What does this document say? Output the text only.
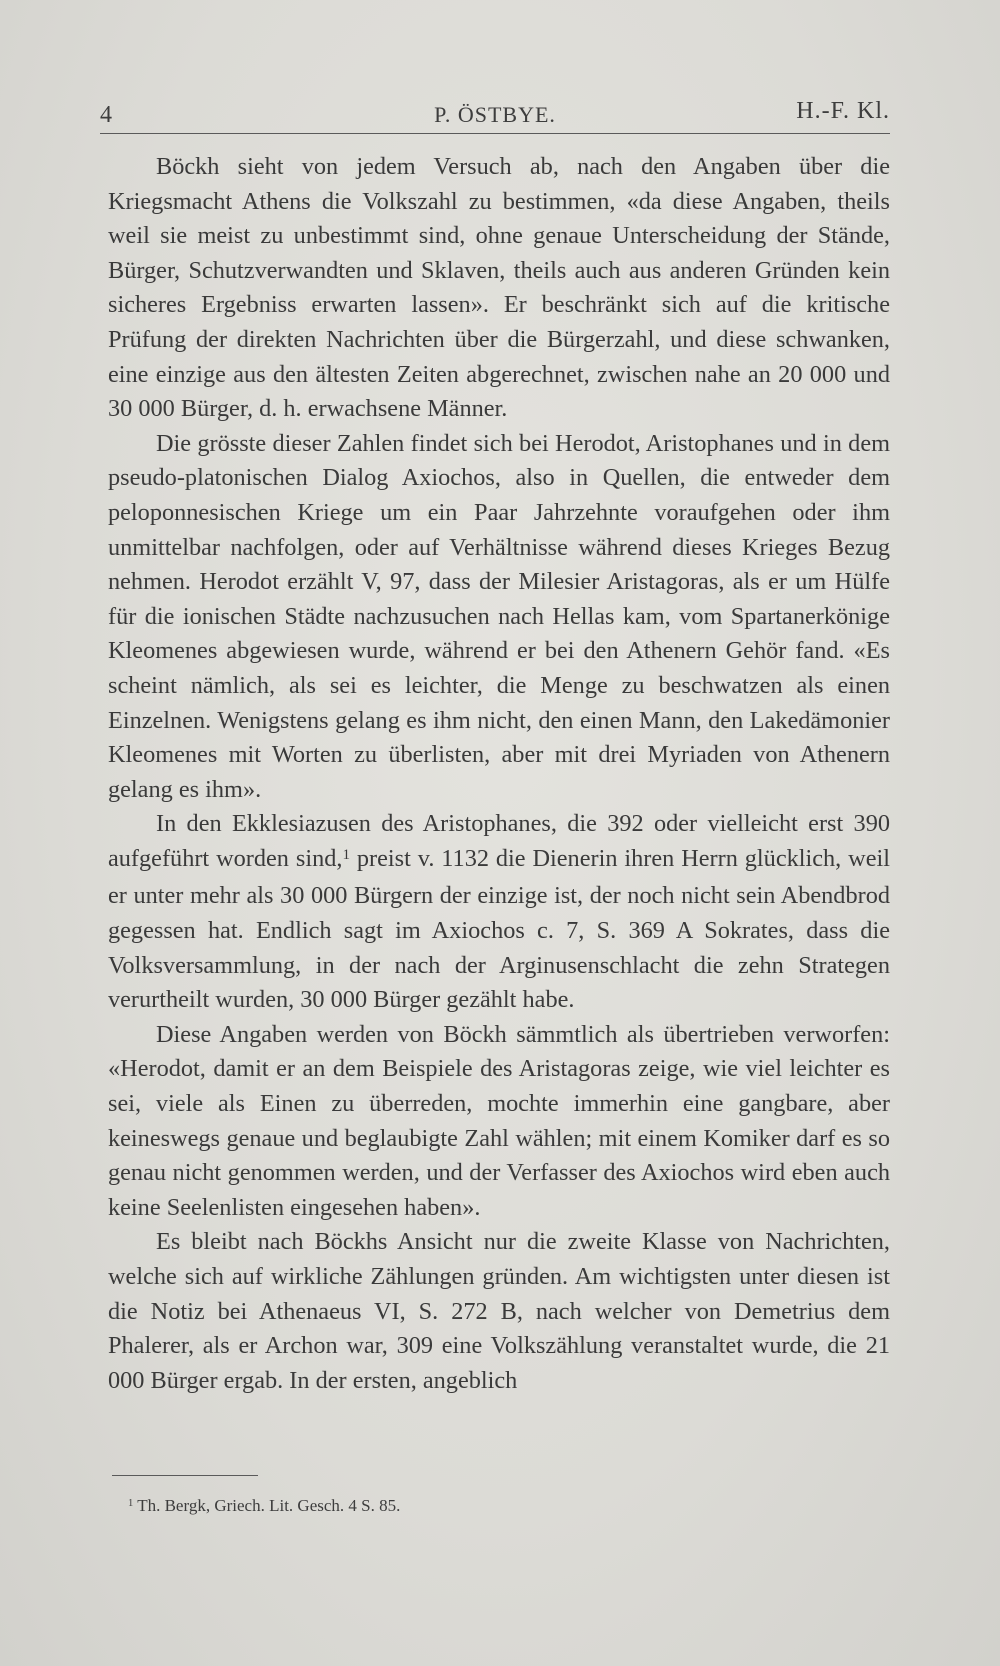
4	P. ÖSTBYE.	H.-F. Kl.

Böckh sieht von jedem Versuch ab, nach den Angaben über die Kriegsmacht Athens die Volkszahl zu bestimmen, «da diese Angaben, theils weil sie meist zu unbestimmt sind, ohne genaue Unterscheidung der Stände, Bürger, Schutzverwandten und Sklaven, theils auch aus anderen Gründen kein sicheres Ergebniss erwarten lassen». Er beschränkt sich auf die kritische Prüfung der direkten Nachrichten über die Bürgerzahl, und diese schwanken, eine einzige aus den ältesten Zeiten abgerechnet, zwischen nahe an 20 000 und 30 000 Bürger, d. h. erwachsene Männer.

Die grösste dieser Zahlen findet sich bei Herodot, Aristophanes und in dem pseudo-platonischen Dialog Axiochos, also in Quellen, die entweder dem peloponnesischen Kriege um ein Paar Jahrzehnte voraufgehen oder ihm unmittelbar nachfolgen, oder auf Verhältnisse während dieses Krieges Bezug nehmen. Herodot erzählt V, 97, dass der Milesier Aristagoras, als er um Hülfe für die ionischen Städte nachzusuchen nach Hellas kam, vom Spartanerkönige Kleomenes abgewiesen wurde, während er bei den Athenern Gehör fand. «Es scheint nämlich, als sei es leichter, die Menge zu beschwatzen als einen Einzelnen. Wenigstens gelang es ihm nicht, den einen Mann, den Lakedämonier Kleomenes mit Worten zu überlisten, aber mit drei Myriaden von Athenern gelang es ihm».

In den Ekklesiazusen des Aristophanes, die 392 oder vielleicht erst 390 aufgeführt worden sind,$^1$ preist v. 1132 die Dienerin ihren Herrn glücklich, weil er unter mehr als 30 000 Bürgern der einzige ist, der noch nicht sein Abendbrod gegessen hat. Endlich sagt im Axiochos c. 7, S. 369 A Sokrates, dass die Volksversammlung, in der nach der Arginusenschlacht die zehn Strategen verurtheilt wurden, 30 000 Bürger gezählt habe.

Diese Angaben werden von Böckh sämmtlich als übertrieben verworfen: «Herodot, damit er an dem Beispiele des Aristagoras zeige, wie viel leichter es sei, viele als Einen zu überreden, mochte immerhin eine gangbare, aber keineswegs genaue und beglaubigte Zahl wählen; mit einem Komiker darf es so genau nicht genommen werden, und der Verfasser des Axiochos wird eben auch keine Seelenlisten eingesehen haben».

Es bleibt nach Böckhs Ansicht nur die zweite Klasse von Nachrichten, welche sich auf wirkliche Zählungen gründen. Am wichtigsten unter diesen ist die Notiz bei Athenaeus VI, S. 272 B, nach welcher von Demetrius dem Phalerer, als er Archon war, 309 eine Volkszählung veranstaltet wurde, die 21 000 Bürger ergab. In der ersten, angeblich

$^1$ Th. Bergk, Griech. Lit. Gesch. 4 S. 85.
